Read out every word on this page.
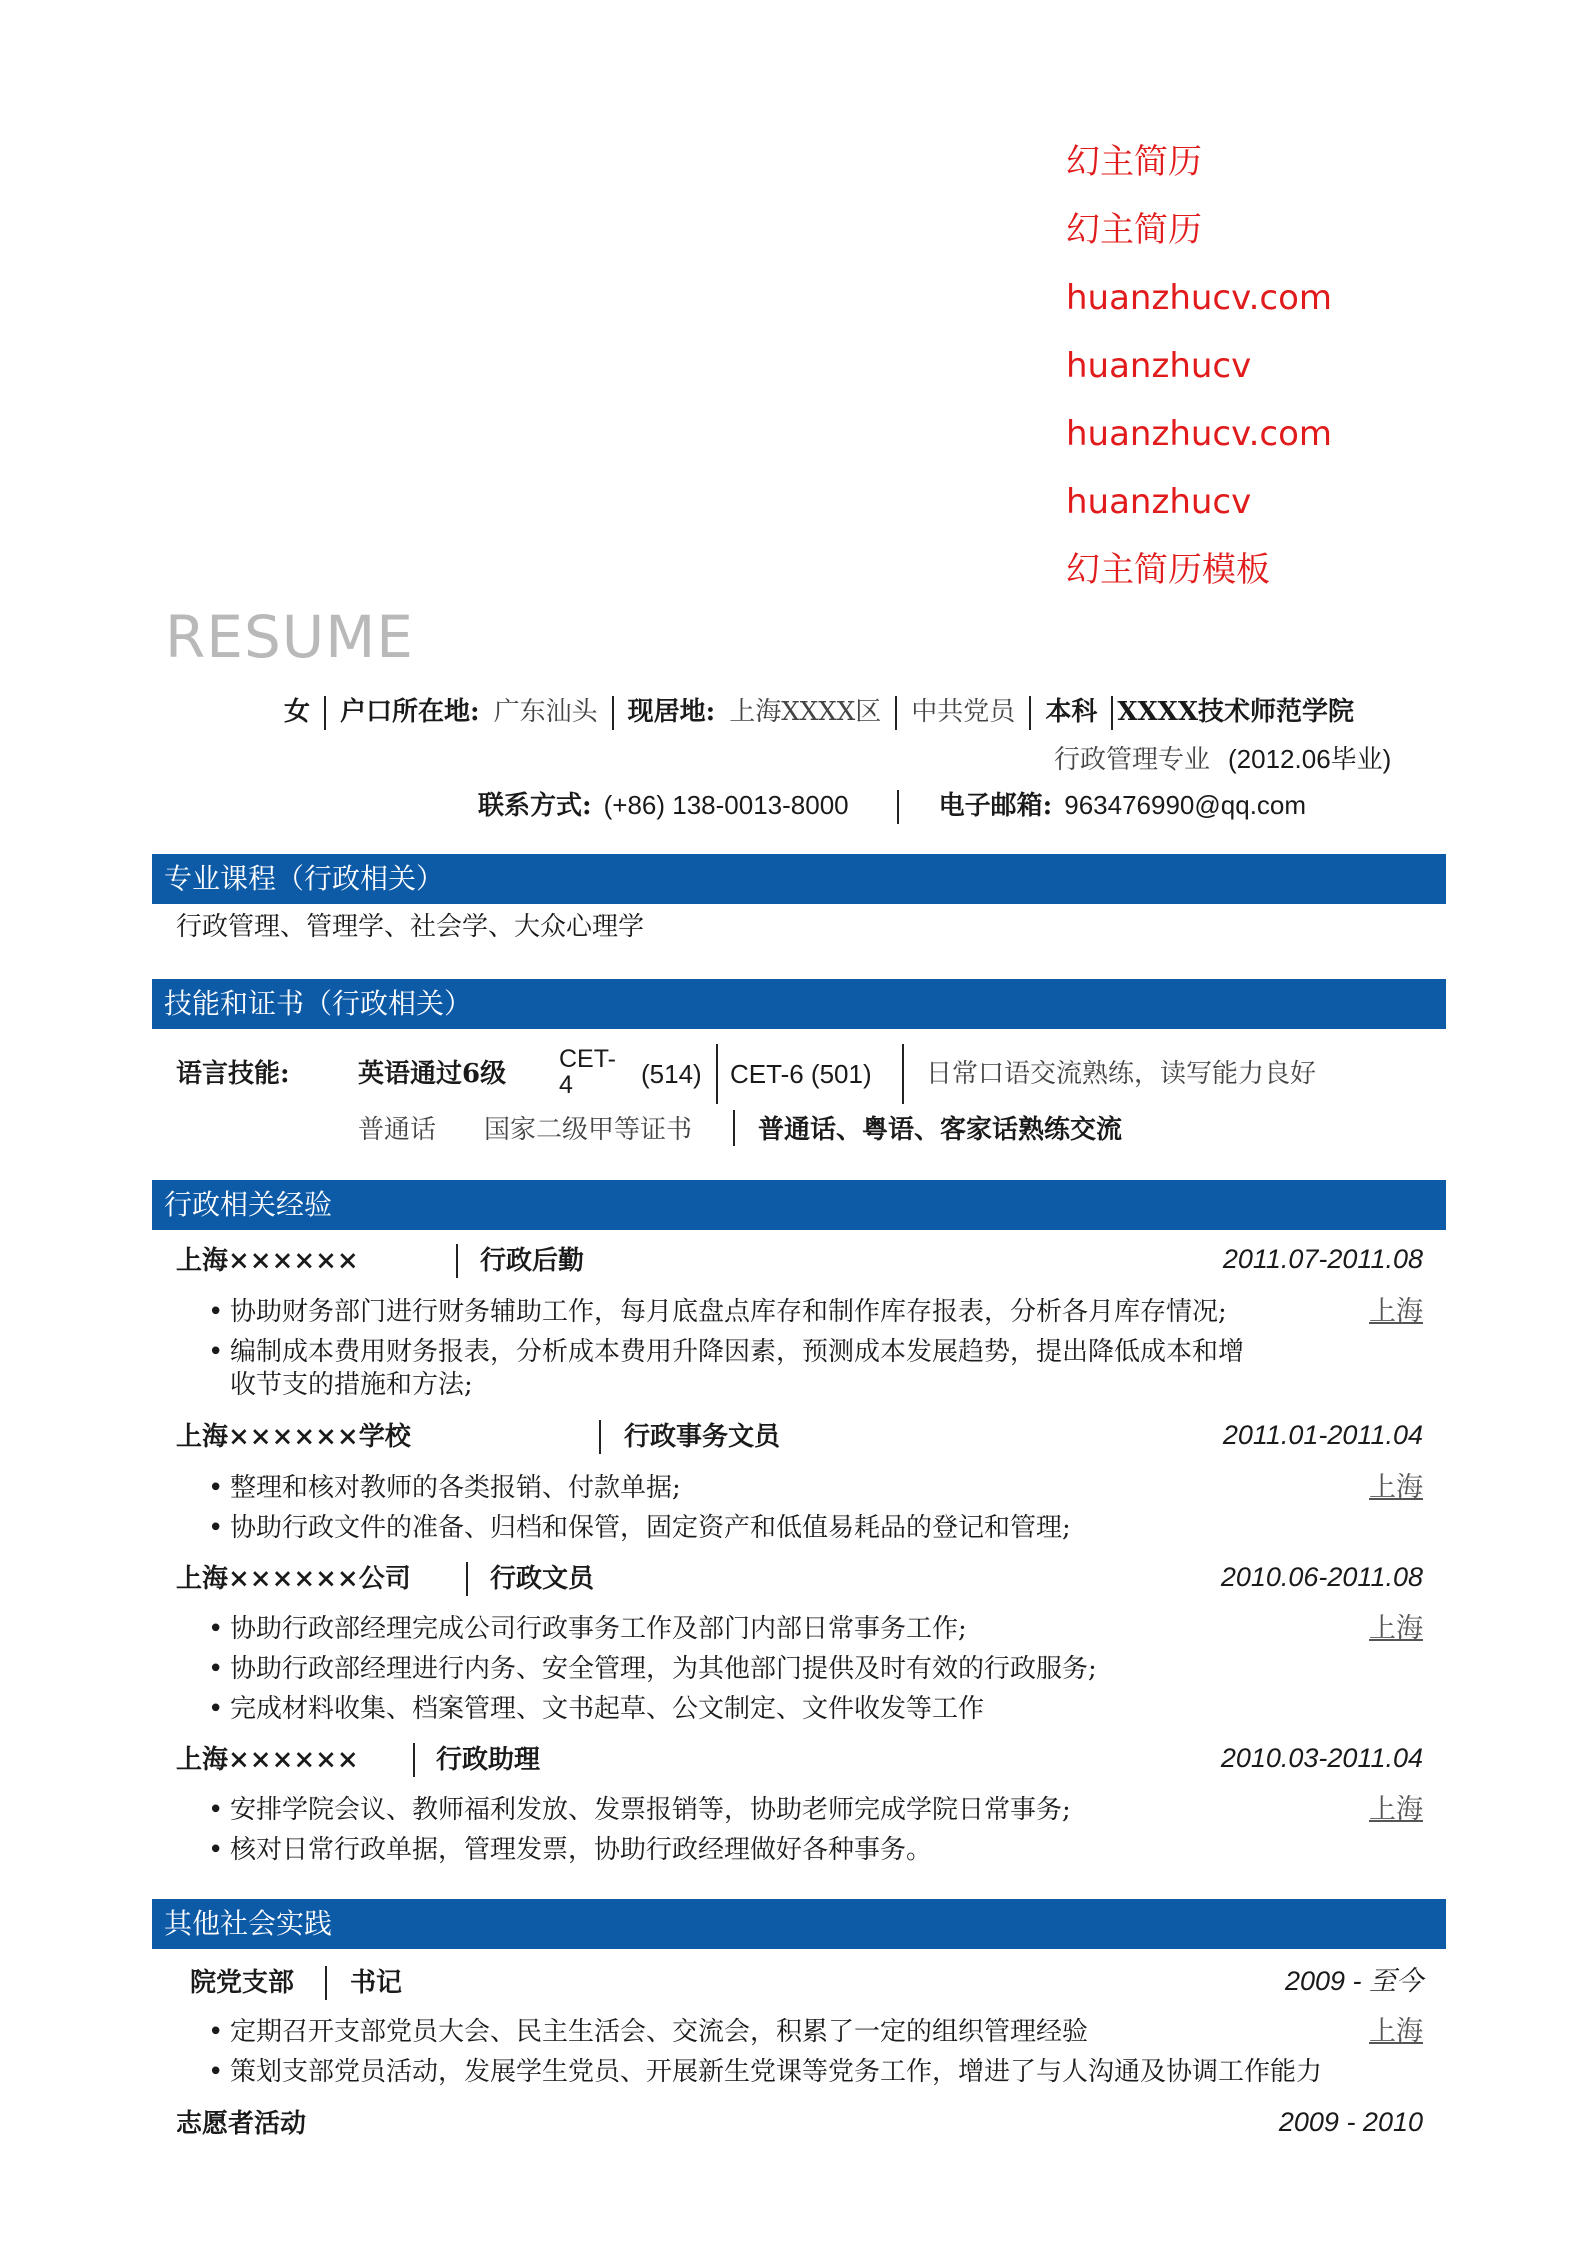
幻主简历
幻主简历
huanzhucv.com
huanzhucv
huanzhucv.com
huanzhucv
幻主简历模板
RESUME
女 户口所在地: 广东汕头 现居地: 上海XXXX区 中共党员 本科 XXXX技术师范学院
行政管理专业 (2012.06毕业)
联系方式: (+86) 138-0013-8000	电子邮箱: 963476990@qq.com
专业课程（行政相关）
行政管理、管理学、社会学、大众心理学
技能和证书（行政相关）
语言技能:	英语通过6级 CET-
4	(514) CET-6 (501) 日常口语交流熟练，读写能力良好
普通话 国家二级甲等证书	普通话、粤语、客家话熟练交流
行政相关经验
上海××××××	行政后勤	2011.07-2011.08
• 协助财务部门进行财务辅助工作，每月底盘点库存和制作库存报表，分析各月库存情况;	上海
• 编制成本费用财务报表，分析成本费用升降因素，预测成本发展趋势，提出降低成本和增
收节支的措施和方法;
上海××××××学校	行政事务文员	2011.01-2011.04
• 整理和核对教师的各类报销、付款单据;	上海
• 协助行政文件的准备、归档和保管，固定资产和低值易耗品的登记和管理;
上海××××××公司	行政文员	2010.06-2011.08
• 协助行政部经理完成公司行政事务工作及部门内部日常事务工作;	上海
• 协助行政部经理进行内务、安全管理，为其他部门提供及时有效的行政服务;
• 完成材料收集、档案管理、文书起草、公文制定、文件收发等工作
上海××××××	行政助理	2010.03-2011.04
• 安排学院会议、教师福利发放、发票报销等，协助老师完成学院日常事务;	上海
• 核对日常行政单据，管理发票，协助行政经理做好各种事务。
其他社会实践
院党支部 书记	2009 - 至今
• 定期召开支部党员大会、民主生活会、交流会，积累了一定的组织管理经验	上海
• 策划支部党员活动，发展学生党员、开展新生党课等党务工作，增进了与人沟通及协调工作能力
志愿者活动	2009 - 2010
